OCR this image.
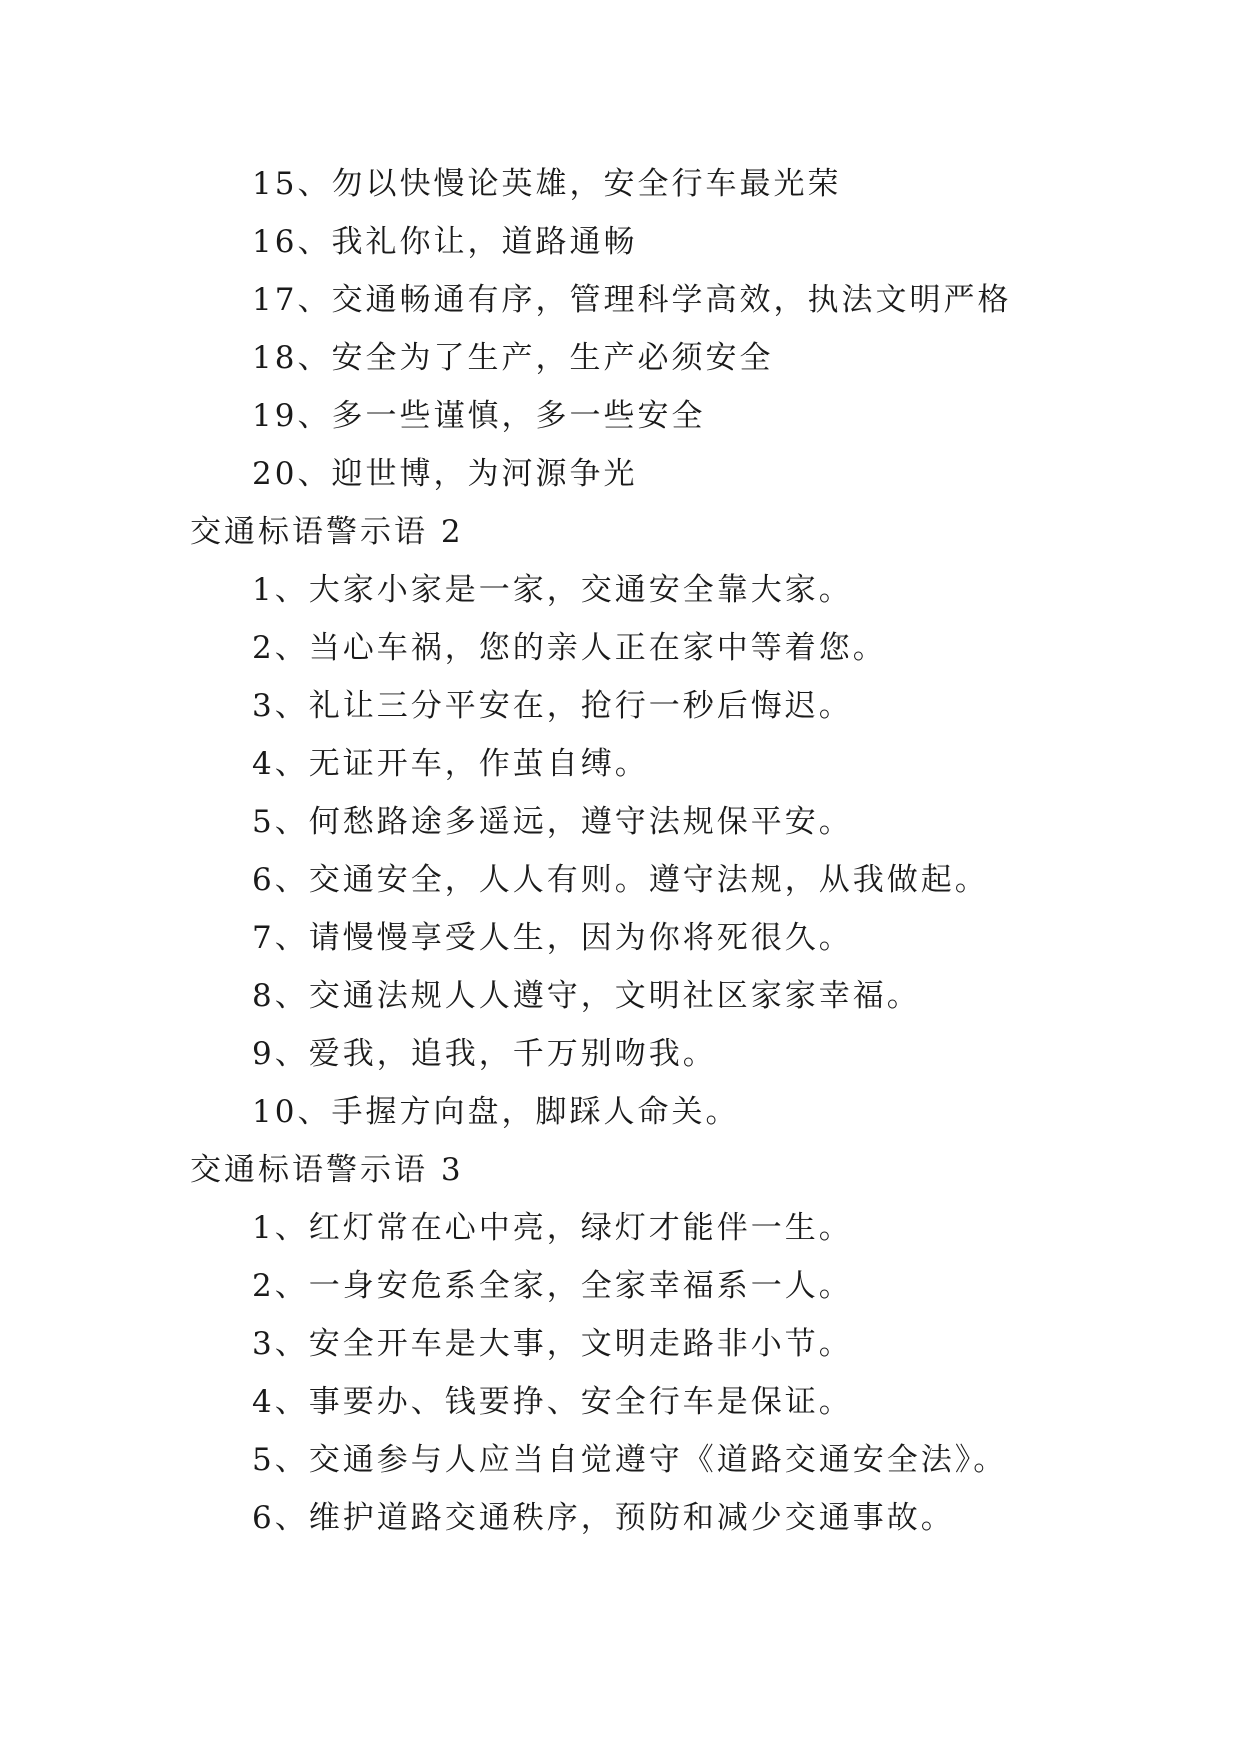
15、勿以快慢论英雄，安全行车最光荣
16、我礼你让，道路通畅
17、交通畅通有序，管理科学高效，执法文明严格
18、安全为了生产，生产必须安全
19、多一些谨慎，多一些安全
20、迎世博，为河源争光
交通标语警示语 2
1、大家小家是一家，交通安全靠大家。
2、当心车祸，您的亲人正在家中等着您。
3、礼让三分平安在，抢行一秒后悔迟。
4、无证开车，作茧自缚。
5、何愁路途多遥远，遵守法规保平安。
6、交通安全，人人有则。遵守法规，从我做起。
7、请慢慢享受人生，因为你将死很久。
8、交通法规人人遵守，文明社区家家幸福。
9、爱我，追我，千万别吻我。
10、手握方向盘，脚踩人命关。
交通标语警示语 3
1、红灯常在心中亮，绿灯才能伴一生。
2、一身安危系全家，全家幸福系一人。
3、安全开车是大事，文明走路非小节。
4、事要办、钱要挣、安全行车是保证。
5、交通参与人应当自觉遵守《道路交通安全法》。
6、维护道路交通秩序，预防和减少交通事故。
